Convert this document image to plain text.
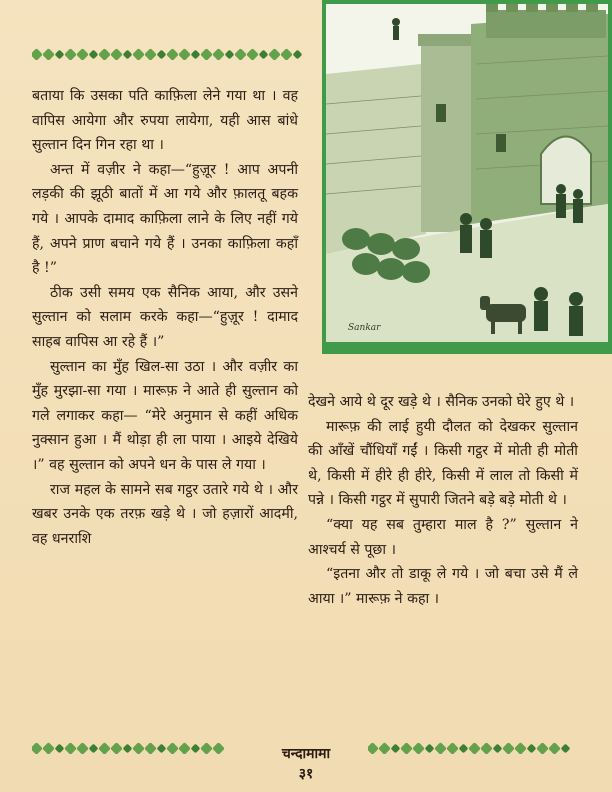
Sankar

बताया कि उसका पति काफ़िला लेने गया था । वह वापिस आयेगा और रुपया लायेगा, यही आस बांधे सुल्तान दिन गिन रहा था ।

अन्त में वज़ीर ने कहा—“हुज़ूर ! आप अपनी लड़की की झूठी बातों में आ गये और फ़ालतू बहक गये । आपके दामाद काफ़िला लाने के लिए नहीं गये हैं, अपने प्राण बचाने गये हैं । उनका काफ़िला कहाँ है !”

ठीक उसी समय एक सैनिक आया, और उसने सुल्तान को सलाम करके कहा—“हुज़ूर ! दामाद साहब वापिस आ रहे हैं ।”

सुल्तान का मुँह खिल-सा उठा । और वज़ीर का मुँह मुरझा-सा गया । मारूफ़ ने आते ही सुल्तान को गले लगाकर कहा— “मेरे अनुमान से कहीं अधिक नुक्सान हुआ । मैं थोड़ा ही ला पाया । आइये देखिये ।” वह सुल्तान को अपने धन के पास ले गया ।

राज महल के सामने सब गट्ठर उतारे गये थे । और खबर उनके एक तरफ़ खड़े थे । जो हज़ारों आदमी, वह धनराशि

देखने आये थे दूर खड़े थे । सैनिक उनको घेरे हुए थे ।

मारूफ़ की लाई हुयी दौलत को देखकर सुल्तान की आँखें चौंधियाँ गईं । किसी गट्ठर में मोती ही मोती थे, किसी में हीरे ही हीरे, किसी में लाल तो किसी में पन्ने । किसी गट्ठर में सुपारी जितने बड़े बड़े मोती थे ।

“क्या यह सब तुम्हारा माल है ?” सुल्तान ने आश्चर्य से पूछा ।

“इतना और तो डाकू ले गये । जो बचा उसे मैं ले आया ।” मारूफ़ ने कहा ।

चन्दामामा
३१
